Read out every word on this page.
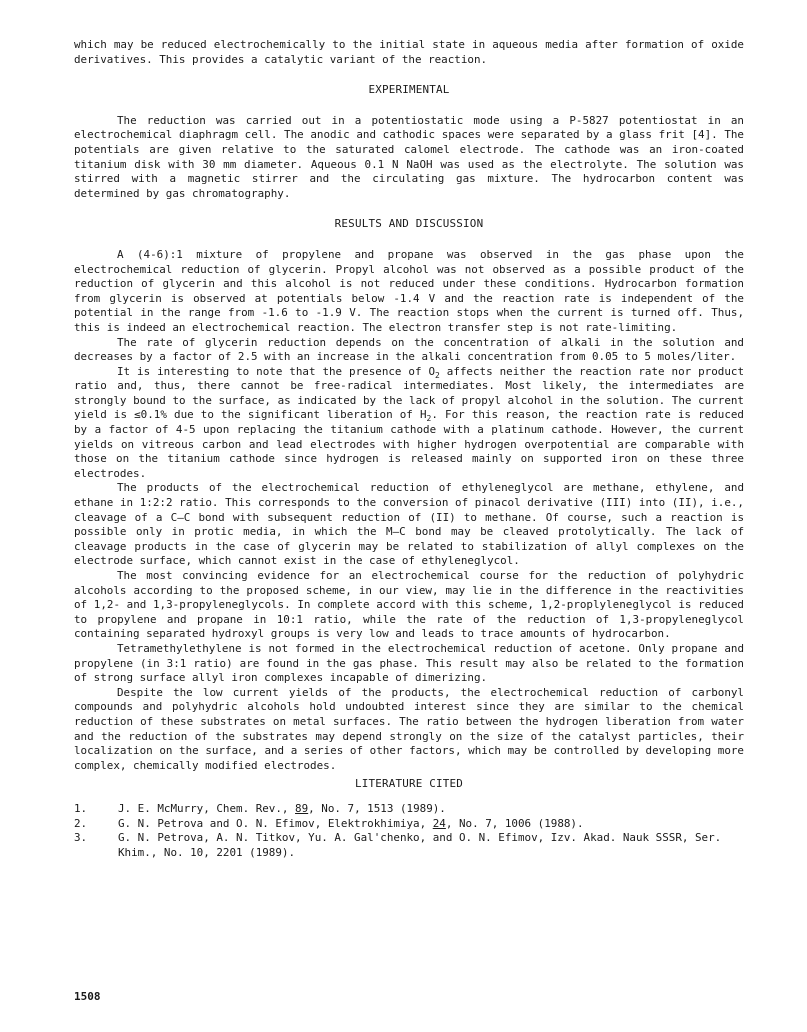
which may be reduced electrochemically to the initial state in aqueous media after formation of oxide derivatives. This provides a catalytic variant of the reaction.

EXPERIMENTAL

The reduction was carried out in a potentiostatic mode using a P-5827 potentiostat in an electrochemical diaphragm cell. The anodic and cathodic spaces were separated by a glass frit [4]. The potentials are given relative to the saturated calomel electrode. The cathode was an iron-coated titanium disk with 30 mm diameter. Aqueous 0.1 N NaOH was used as the electrolyte. The solution was stirred with a magnetic stirrer and the circulating gas mixture. The hydrocarbon content was determined by gas chromatography.

RESULTS AND DISCUSSION

A (4-6):1 mixture of propylene and propane was observed in the gas phase upon the electrochemical reduction of glycerin. Propyl alcohol was not observed as a possible product of the reduction of glycerin and this alcohol is not reduced under these conditions. Hydrocarbon formation from glycerin is observed at potentials below -1.4 V and the reaction rate is independent of the potential in the range from -1.6 to -1.9 V. The reaction stops when the current is turned off. Thus, this is indeed an electrochemical reaction. The electron transfer step is not rate-limiting.

The rate of glycerin reduction depends on the concentration of alkali in the solution and decreases by a factor of 2.5 with an increase in the alkali concentration from 0.05 to 5 moles/liter.

It is interesting to note that the presence of $O_2$ affects neither the reaction rate nor product ratio and, thus, there cannot be free-radical intermediates. Most likely, the intermediates are strongly bound to the surface, as indicated by the lack of propyl alcohol in the solution. The current yield is ≤0.1% due to the significant liberation of $H_2$. For this reason, the reaction rate is reduced by a factor of 4-5 upon replacing the titanium cathode with a platinum cathode. However, the current yields on vitreous carbon and lead electrodes with higher hydrogen overpotential are comparable with those on the titanium cathode since hydrogen is released mainly on supported iron on these three electrodes.

The products of the electrochemical reduction of ethyleneglycol are methane, ethylene, and ethane in 1:2:2 ratio. This corresponds to the conversion of pinacol derivative (III) into (II), i.e., cleavage of a C—C bond with subsequent reduction of (II) to methane. Of course, such a reaction is possible only in protic media, in which the M—C bond may be cleaved protolytically. The lack of cleavage products in the case of glycerin may be related to stabilization of allyl complexes on the electrode surface, which cannot exist in the case of ethyleneglycol.

The most convincing evidence for an electrochemical course for the reduction of polyhydric alcohols according to the proposed scheme, in our view, may lie in the difference in the reactivities of 1,2- and 1,3-propyleneglycols. In complete accord with this scheme, 1,2-proplyleneglycol is reduced to propylene and propane in 10:1 ratio, while the rate of the reduction of 1,3-propyleneglycol containing separated hydroxyl groups is very low and leads to trace amounts of hydrocarbon.

Tetramethylethylene is not formed in the electrochemical reduction of acetone. Only propane and propylene (in 3:1 ratio) are found in the gas phase. This result may also be related to the formation of strong surface allyl iron complexes incapable of dimerizing.

Despite the low current yields of the products, the electrochemical reduction of carbonyl compounds and polyhydric alcohols hold undoubted interest since they are similar to the chemical reduction of these substrates on metal surfaces. The ratio between the hydrogen liberation from water and the reduction of the substrates may depend strongly on the size of the catalyst particles, their localization on the surface, and a series of other factors, which may be controlled by developing more complex, chemically modified electrodes.

LITERATURE CITED
1.	J. E. McMurry, Chem. Rev., 89, No. 7, 1513 (1989).
2.	G. N. Petrova and O. N. Efimov, Elektrokhimiya, 24, No. 7, 1006 (1988).
3.	G. N. Petrova, A. N. Titkov, Yu. A. Gal'chenko, and O. N. Efimov, Izv. Akad. Nauk SSSR, Ser. Khim., No. 10, 2201 (1989).
1508
